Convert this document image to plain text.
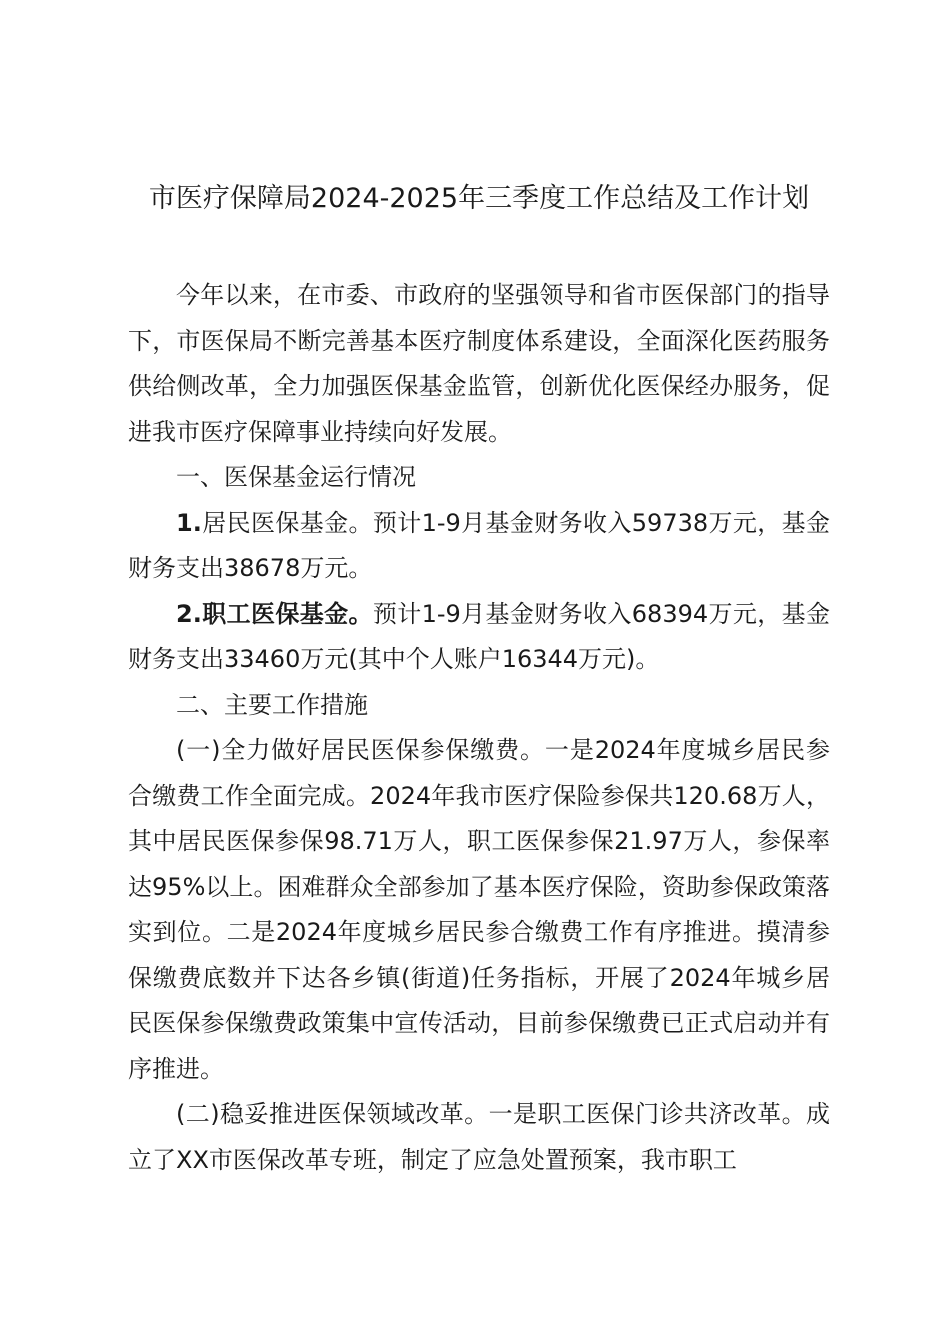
市医疗保障局2024-2025年三季度工作总结及工作计划

今年以来，在市委、市政府的坚强领导和省市医保部门的指导下，市医保局不断完善基本医疗制度体系建设，全面深化医药服务供给侧改革，全力加强医保基金监管，创新优化医保经办服务，促进我市医疗保障事业持续向好发展。

一、医保基金运行情况

1.居民医保基金。预计1-9月基金财务收入59738万元，基金财务支出38678万元。

2.职工医保基金。预计1-9月基金财务收入68394万元，基金财务支出33460万元(其中个人账户16344万元)。

二、主要工作措施

(一)全力做好居民医保参保缴费。一是2024年度城乡居民参合缴费工作全面完成。2024年我市医疗保险参保共120.68万人，其中居民医保参保98.71万人，职工医保参保21.97万人，参保率达95%以上。困难群众全部参加了基本医疗保险，资助参保政策落实到位。二是2024年度城乡居民参合缴费工作有序推进。摸清参保缴费底数并下达各乡镇(街道)任务指标，开展了2024年城乡居民医保参保缴费政策集中宣传活动，目前参保缴费已正式启动并有序推进。

(二)稳妥推进医保领域改革。一是职工医保门诊共济改革。成立了XX市医保改革专班，制定了应急处置预案，我市职工
